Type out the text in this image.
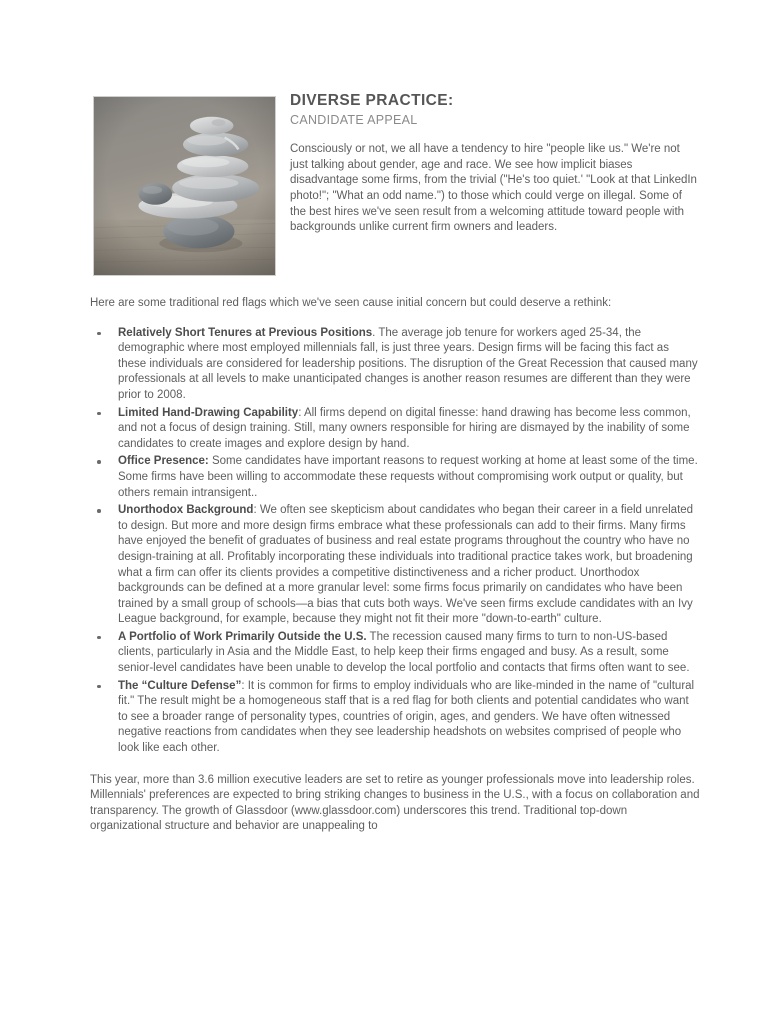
DIVERSE PRACTICE:
CANDIDATE APPEAL

Consciously or not, we all have a tendency to hire "people like us." We're not just talking about gender, age and race. We see how implicit biases disadvantage some firms, from the trivial ("He's too quiet.' "Look at that LinkedIn photo!"; "What an odd name.") to those which could verge on illegal. Some of the best hires we've seen result from a welcoming attitude toward people with backgrounds unlike current firm owners and leaders.

Here are some traditional red flags which we've seen cause initial concern but could deserve a rethink:

Relatively Short Tenures at Previous Positions. The average job tenure for workers aged 25-34, the demographic where most employed millennials fall, is just three years. Design firms will be facing this fact as these individuals are considered for leadership positions. The disruption of the Great Recession that caused many professionals at all levels to make unanticipated changes is another reason resumes are different than they were prior to 2008.
Limited Hand-Drawing Capability: All firms depend on digital finesse: hand drawing has become less common, and not a focus of design training. Still, many owners responsible for hiring are dismayed by the inability of some candidates to create images and explore design by hand.
Office Presence: Some candidates have important reasons to request working at home at least some of the time. Some firms have been willing to accommodate these requests without compromising work output or quality, but others remain intransigent..
Unorthodox Background: We often see skepticism about candidates who began their career in a field unrelated to design. But more and more design firms embrace what these professionals can add to their firms. Many firms have enjoyed the benefit of graduates of business and real estate programs throughout the country who have no design-training at all. Profitably incorporating these individuals into traditional practice takes work, but broadening what a firm can offer its clients provides a competitive distinctiveness and a richer product. Unorthodox backgrounds can be defined at a more granular level: some firms focus primarily on candidates who have been trained by a small group of schools—a bias that cuts both ways. We've seen firms exclude candidates with an Ivy League background, for example, because they might not fit their more "down-to-earth" culture.
A Portfolio of Work Primarily Outside the U.S. The recession caused many firms to turn to non-US-based clients, particularly in Asia and the Middle East, to help keep their firms engaged and busy. As a result, some senior-level candidates have been unable to develop the local portfolio and contacts that firms often want to see.
The “Culture Defense”: It is common for firms to employ individuals who are like-minded in the name of "cultural fit." The result might be a homogeneous staff that is a red flag for both clients and potential candidates who want to see a broader range of personality types, countries of origin, ages, and genders. We have often witnessed negative reactions from candidates when they see leadership headshots on websites comprised of people who look like each other.

This year, more than 3.6 million executive leaders are set to retire as younger professionals move into leadership roles. Millennials' preferences are expected to bring striking changes to business in the U.S., with a focus on collaboration and transparency. The growth of Glassdoor (www.glassdoor.com) underscores this trend. Traditional top-down organizational structure and behavior are unappealing to
